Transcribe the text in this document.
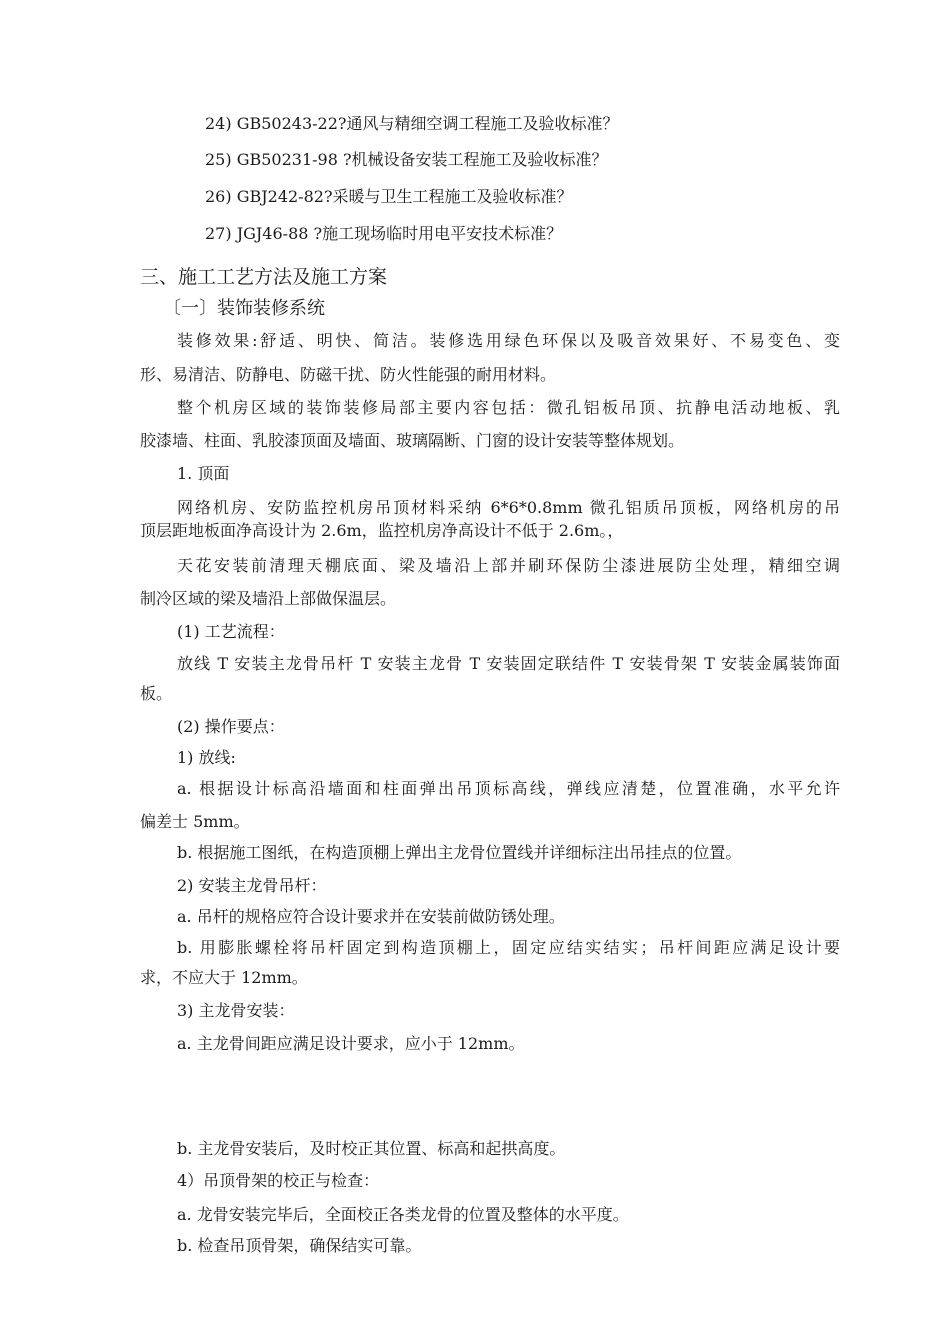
24) GB50243-22?通风与精细空调工程施工及验收标准？
25) GB50231-98 ?机械设备安装工程施工及验收标准？
26) GBJ242-82?采暖与卫生工程施工及验收标准？
27) JGJ46-88 ?施工现场临时用电平安技术标准？
三、施工工艺方法及施工方案
〔一〕装饰装修系统
装修效果:舒适、明快、简洁。装修选用绿色环保以及吸音效果好、不易变色、变
形、易清洁、防静电、防磁干扰、防火性能强的耐用材料。
整个机房区域的装饰装修局部主要内容包括：微孔铝板吊顶、抗静电活动地板、乳
胶漆墙、柱面、乳胶漆顶面及墙面、玻璃隔断、门窗的设计安装等整体规划。
1. 顶面
网络机房、安防监控机房吊顶材料采纳 6*6*0.8mm 微孔铝质吊顶板，网络机房的吊
顶层距地板面净高设计为 2.6m，监控机房净高设计不低于 2.6m。，
天花安装前清理天棚底面、梁及墙沿上部并刷环保防尘漆进展防尘处理，精细空调
制冷区域的梁及墙沿上部做保温层。
(1) 工艺流程：
放线 T 安装主龙骨吊杆 T 安装主龙骨 T 安装固定联结件 T 安装骨架 T 安装金属装饰面
板。
(2) 操作要点：
1) 放线:
a. 根据设计标高沿墙面和柱面弹出吊顶标高线，弹线应清楚，位置准确，水平允许
偏差士 5mm。
b. 根据施工图纸，在构造顶棚上弹出主龙骨位置线并详细标注出吊挂点的位置。
2) 安装主龙骨吊杆：
a. 吊杆的规格应符合设计要求并在安装前做防锈处理。
b. 用膨胀螺栓将吊杆固定到构造顶棚上，固定应结实结实；吊杆间距应满足设计要
求，不应大于 12mm。
3) 主龙骨安装：
a. 主龙骨间距应满足设计要求，应小于 12mm。
b. 主龙骨安装后，及时校正其位置、标高和起拱高度。
4）吊顶骨架的校正与检查：
a. 龙骨安装完毕后，全面校正各类龙骨的位置及整体的水平度。
b. 检查吊顶骨架，确保结实可靠。
